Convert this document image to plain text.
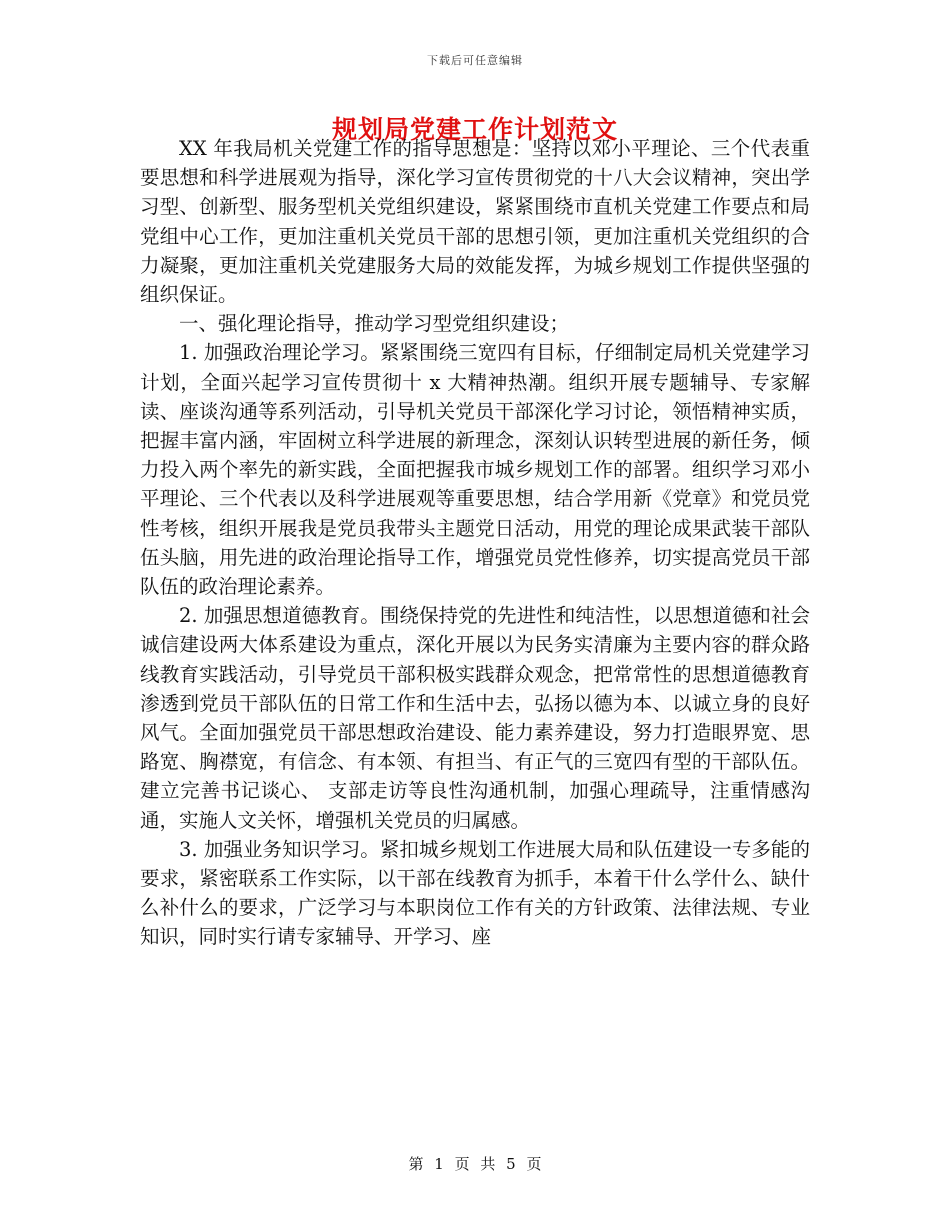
下载后可任意编辑
规划局党建工作计划范文

XX 年我局机关党建工作的指导思想是：坚持以邓小平理论、三个代表重要思想和科学进展观为指导，深化学习宣传贯彻党的十八大会议精神，突出学习型、创新型、服务型机关党组织建设，紧紧围绕市直机关党建工作要点和局党组中心工作，更加注重机关党员干部的思想引领，更加注重机关党组织的合力凝聚，更加注重机关党建服务大局的效能发挥，为城乡规划工作提供坚强的组织保证。

一、强化理论指导，推动学习型党组织建设；

1. 加强政治理论学习。紧紧围绕三宽四有目标，仔细制定局机关党建学习计划，全面兴起学习宣传贯彻十 x 大精神热潮。组织开展专题辅导、专家解读、座谈沟通等系列活动，引导机关党员干部深化学习讨论，领悟精神实质，把握丰富内涵，牢固树立科学进展的新理念，深刻认识转型进展的新任务，倾力投入两个率先的新实践，全面把握我市城乡规划工作的部署。组织学习邓小平理论、三个代表以及科学进展观等重要思想，结合学用新《党章》和党员党性考核，组织开展我是党员我带头主题党日活动，用党的理论成果武装干部队伍头脑，用先进的政治理论指导工作，增强党员党性修养，切实提高党员干部队伍的政治理论素养。

2. 加强思想道德教育。围绕保持党的先进性和纯洁性，以思想道德和社会诚信建设两大体系建设为重点，深化开展以为民务实清廉为主要内容的群众路线教育实践活动，引导党员干部积极实践群众观念，把常常性的思想道德教育渗透到党员干部队伍的日常工作和生活中去，弘扬以德为本、以诚立身的良好风气。全面加强党员干部思想政治建设、能力素养建设，努力打造眼界宽、思路宽、胸襟宽，有信念、有本领、有担当、有正气的三宽四有型的干部队伍。建立完善书记谈心、 支部走访等良性沟通机制，加强心理疏导，注重情感沟通，实施人文关怀，增强机关党员的归属感。

3. 加强业务知识学习。紧扣城乡规划工作进展大局和队伍建设一专多能的要求，紧密联系工作实际，以干部在线教育为抓手，本着干什么学什么、缺什么补什么的要求，广泛学习与本职岗位工作有关的方针政策、法律法规、专业知识，同时实行请专家辅导、开学习、座

第 1 页 共 5 页
